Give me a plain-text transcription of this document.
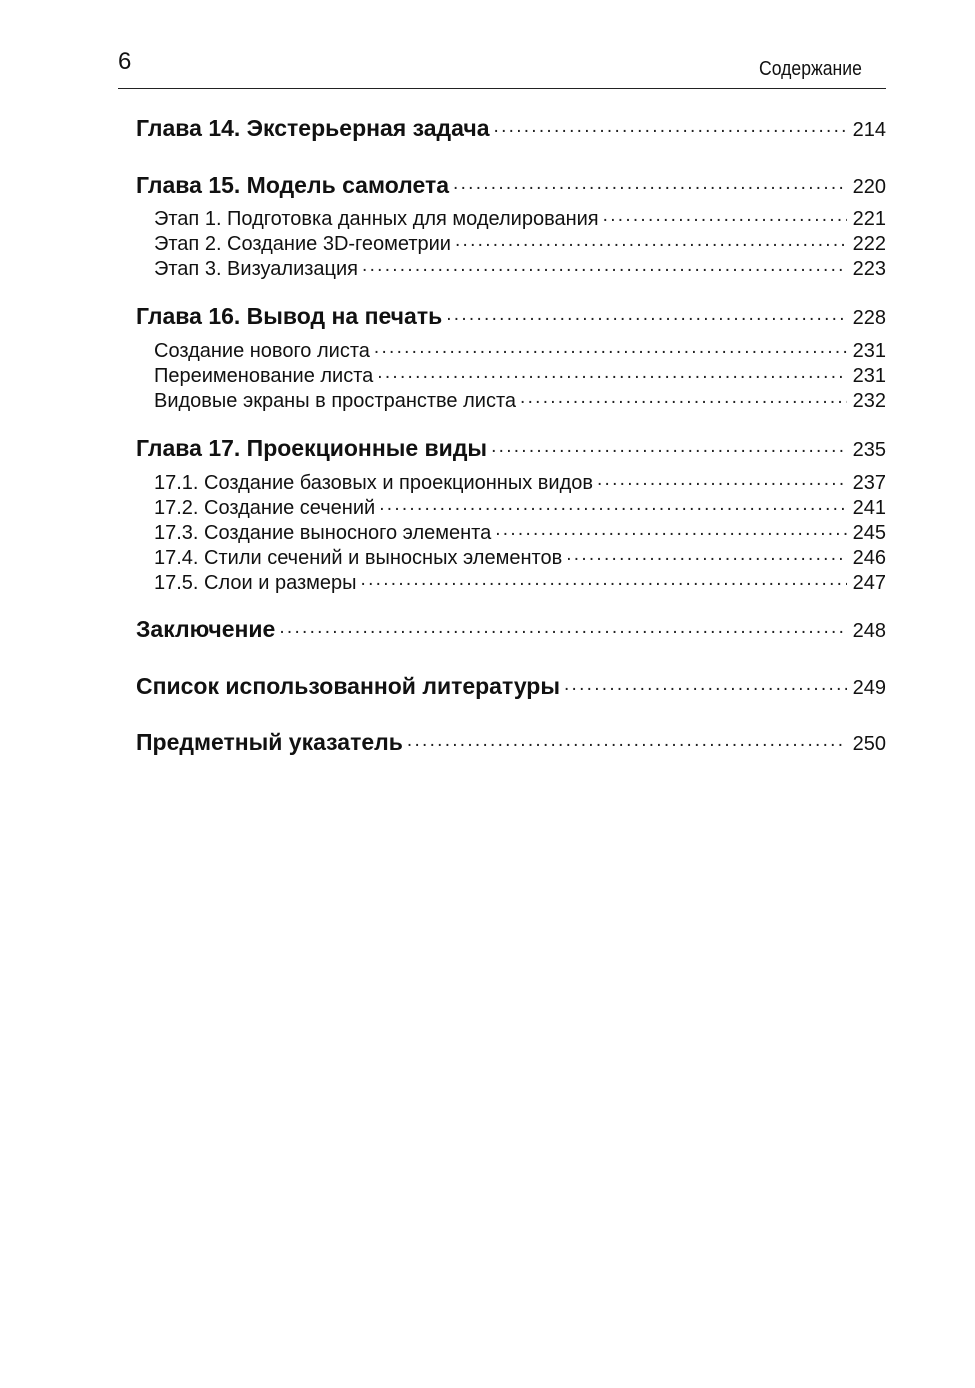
6	Содержание
Глава 14. Экстерьерная задача . . .	214
Глава 15. Модель самолета . . .	220
Этап 1. Подготовка данных для моделирования . . .	221
Этап 2. Создание 3D-геометрии . . .	222
Этап 3. Визуализация . . .	223
Глава 16. Вывод на печать . . .	228
Создание нового листа . . .	231
Переименование листа . . .	231
Видовые экраны в пространстве листа . . .	232
Глава 17. Проекционные виды . . .	235
17.1. Создание базовых и проекционных видов . . .	237
17.2. Создание сечений . . .	241
17.3. Создание выносного элемента . . .	245
17.4. Стили сечений и выносных элементов . . .	246
17.5. Слои и размеры . . .	247
Заключение . . .	248
Список использованной литературы . . .	249
Предметный указатель . . .	250
